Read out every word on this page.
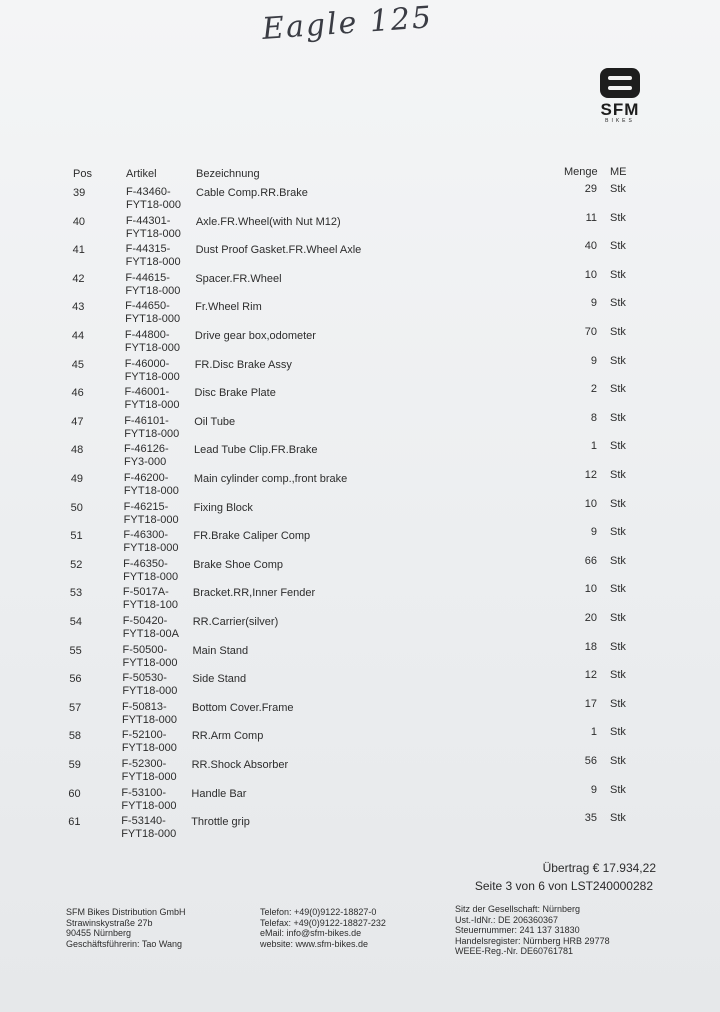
Eagle 125
SFM
BIKES
Pos	Artikel	Bezeichnung	Menge ME
39	F-43460-
FYT18-000
Cable Comp.RR.Brake	29 Stk
40	F-44301-
FYT18-000
Axle.FR.Wheel(with Nut M12)	11 Stk
41	F-44315-
FYT18-000
Dust Proof Gasket.FR.Wheel Axle	40 Stk
42	F-44615-
FYT18-000
Spacer.FR.Wheel	10 Stk
43	F-44650-
FYT18-000
Fr.Wheel Rim	9 Stk
44	F-44800-
FYT18-000
Drive gear box,odometer	70 Stk
45	F-46000-
FYT18-000
FR.Disc Brake Assy	9 Stk
46	F-46001-
FYT18-000
Disc Brake Plate	2 Stk
47	F-46101-
FYT18-000
Oil Tube	8 Stk
48	F-46126-
FY3-000
Lead Tube Clip.FR.Brake	1 Stk
49	F-46200-
FYT18-000
Main cylinder comp.,front brake	12 Stk
50	F-46215-
FYT18-000
Fixing Block	10 Stk
51	F-46300-
FYT18-000
FR.Brake Caliper Comp	9 Stk
52	F-46350-
FYT18-000
Brake Shoe Comp	66 Stk
53	F-5017A-
FYT18-100
Bracket.RR,Inner Fender	10 Stk
54	F-50420-
FYT18-00A
RR.Carrier(silver)	20 Stk
55	F-50500-
FYT18-000
Main Stand	18 Stk
56	F-50530-
FYT18-000
Side Stand	12 Stk
57	F-50813-
FYT18-000
Bottom Cover.Frame	17 Stk
58	F-52100-
FYT18-000
RR.Arm Comp	1 Stk
59	F-52300-
FYT18-000
RR.Shock Absorber	56 Stk
60	F-53100-
FYT18-000
Handle Bar	9 Stk
61	F-53140-
FYT18-000
Throttle grip	35 Stk
Übertrag € 17.934,22
Seite 3 von 6 von LST240000282
SFM Bikes Distribution GmbH
Strawinskystraße 27b
90455 Nürnberg
Geschäftsführerin: Tao Wang
Telefon: +49(0)9122-18827-0
Telefax: +49(0)9122-18827-232
eMail: info@sfm-bikes.de
website: www.sfm-bikes.de
Sitz der Gesellschaft: Nürnberg
Ust.-IdNr.: DE 206360367
Steuernummer: 241 137 31830
Handelsregister: Nürnberg HRB 29778
WEEE-Reg.-Nr. DE60761781
